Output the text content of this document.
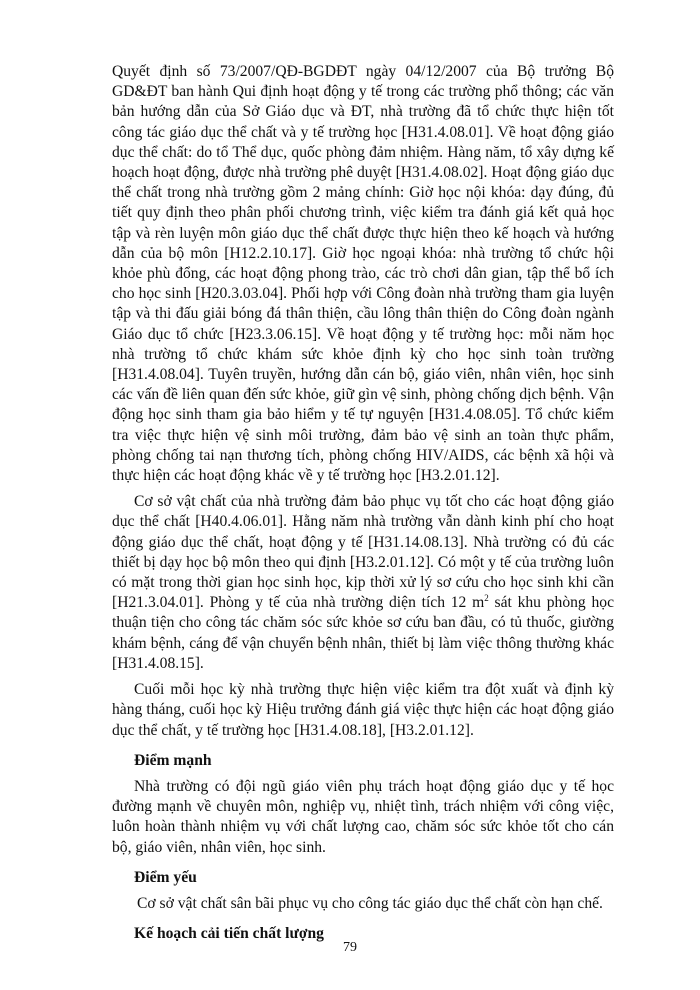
Quyết định số 73/2007/QĐ-BGDĐT ngày 04/12/2007 của Bộ trưởng Bộ GD&ĐT ban hành Qui định hoạt động y tế trong các trường phổ thông; các văn bản hướng dẫn của Sở Giáo dục và ĐT, nhà trường đã tổ chức thực hiện tốt công tác giáo dục thể chất và y tế trường học [H31.4.08.01]. Về hoạt động giáo dục thể chất: do tổ Thể dục, quốc phòng đảm nhiệm. Hàng năm, tổ xây dựng kế hoạch hoạt động, được nhà trường phê duyệt [H31.4.08.02]. Hoạt động giáo dục thể chất trong nhà trường gồm 2 mảng chính: Giờ học nội khóa: dạy đúng, đủ tiết quy định theo phân phối chương trình, việc kiểm tra đánh giá kết quả học tập và rèn luyện môn giáo dục thể chất được thực hiện theo kế hoạch và hướng dẫn của bộ môn [H12.2.10.17]. Giờ học ngoại khóa: nhà trường tổ chức hội khỏe phù đổng, các hoạt động phong trào, các trò chơi dân gian, tập thể bổ ích cho học sinh [H20.3.03.04]. Phối hợp với Công đoàn nhà trường tham gia luyện tập và thi đấu giải bóng đá thân thiện, cầu lông thân thiện do Công đoàn ngành Giáo dục tổ chức [H23.3.06.15]. Về hoạt động y tế trường học: mỗi năm học nhà trường tổ chức khám sức khỏe định kỳ cho học sinh toàn trường [H31.4.08.04]. Tuyên truyền, hướng dẫn cán bộ, giáo viên, nhân viên, học sinh các vấn đề liên quan đến sức khỏe, giữ gìn vệ sinh, phòng chống dịch bệnh. Vận động học sinh tham gia bảo hiểm y tế tự nguyện [H31.4.08.05]. Tổ chức kiểm tra việc thực hiện vệ sinh môi trường, đảm bảo vệ sinh an toàn thực phẩm, phòng chống tai nạn thương tích, phòng chống HIV/AIDS, các bệnh xã hội và thực hiện các hoạt động khác về y tế trường học [H3.2.01.12].

Cơ sở vật chất của nhà trường đảm bảo phục vụ tốt cho các hoạt động giáo dục thể chất [H40.4.06.01]. Hằng năm nhà trường vẫn dành kinh phí cho hoạt động giáo dục thể chất, hoạt động y tế [H31.14.08.13]. Nhà trường có đủ các thiết bị dạy học bộ môn theo qui định [H3.2.01.12]. Có một y tế của trường luôn có mặt trong thời gian học sinh học, kịp thời xử lý sơ cứu cho học sinh khi cần [H21.3.04.01]. Phòng y tế của nhà trường diện tích 12 $m^2$ sát khu phòng học thuận tiện cho công tác chăm sóc sức khỏe sơ cứu ban đầu, có tủ thuốc, giường khám bệnh, cáng để vận chuyển bệnh nhân, thiết bị làm việc thông thường khác [H31.4.08.15].

Cuối mỗi học kỳ nhà trường thực hiện việc kiểm tra đột xuất và định kỳ hàng tháng, cuối học kỳ Hiệu trưởng đánh giá việc thực hiện các hoạt động giáo dục thể chất, y tế trường học [H31.4.08.18], [H3.2.01.12].

Điểm mạnh

Nhà trường có đội ngũ giáo viên phụ trách hoạt động giáo dục y tế học đường mạnh về chuyên môn, nghiệp vụ, nhiệt tình, trách nhiệm với công việc, luôn hoàn thành nhiệm vụ với chất lượng cao, chăm sóc sức khỏe tốt cho cán bộ, giáo viên, nhân viên, học sinh.

Điểm yếu

Cơ sở vật chất sân bãi phục vụ cho công tác giáo dục thể chất còn hạn chế.

Kế hoạch cải tiến chất lượng
79
